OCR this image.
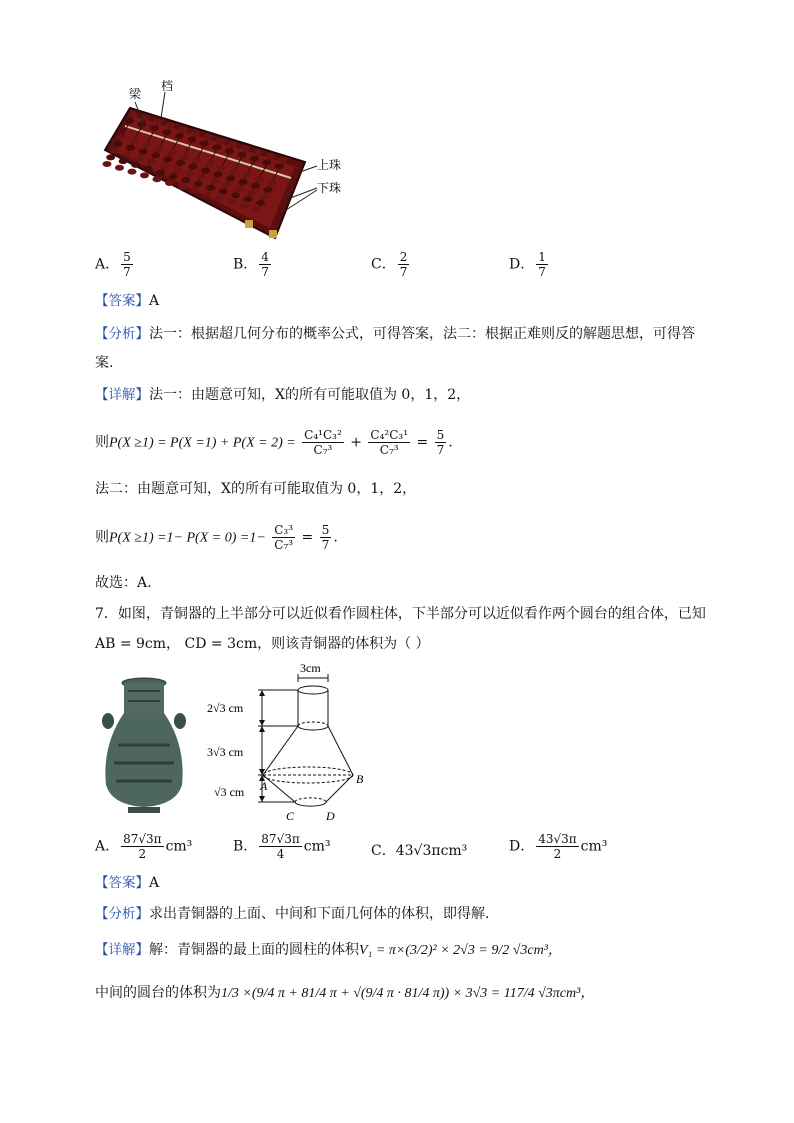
梁
档
上珠
下珠
A． $\frac{5}{7}$	B． $\frac{4}{7}$	C． $\frac{2}{7}$	D． $\frac{1}{7}$
【答案】A
【分析】法一：根据超几何分布的概率公式，可得答案，法二：根据正难则反的解题思想，可得答
案.
【详解】法一：由题意可知，X的所有可能取值为 0，1，2，
则$P(X \ge 1) = P(X =1) + P(X = 2) = \frac{\text{C₄¹C₃²}}{\text{C₇³}} + \frac{\text{C₄²C₃¹}}{\text{C₇³}} = \frac{5}{7}$ .
法二：由题意可知，X的所有可能取值为 0，1，2，
则$P(X \ge 1) =1- P(X = 0) =1- \frac{\text{C₃³}}{\text{C₇³}} = \frac{5}{7}$ .
故选：A.
7．如图，青铜器的上半部分可以近似看作圆柱体，下半部分可以近似看作两个圆台的组合体，已知
AB = 9cm， CD = 3cm，则该青铜器的体积为（ ）
3cm
2√3 cm
3√3 cm
√3 cm A	B
C	D
A． $\frac{87√3\pi}{2} cm^3$	B． $\frac{87√3\pi}{4} cm^3$	C．43√3πcm³	D． $\frac{43√3\pi}{2} cm^3$
【答案】A
【分析】求出青铜器的上面、中间和下面几何体的体积，即得解.
【详解】解：青铜器的最上面的圆柱的体积V₁ = π×(3/2)² × 2√3 = 9/2 √3cm³，
中间的圆台的体积为1/3 ×(9/4 π + 81/4 π + √(9/4 π · 81/4 π)) × 3√3 = 117/4 √3πcm³，
